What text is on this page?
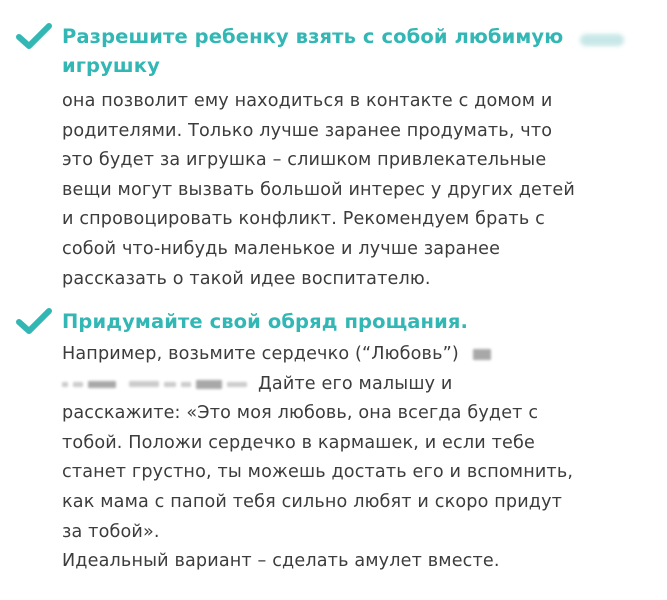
Разрешите ребенку взять с собой любимую
игрушку
она позволит ему находиться в контакте с домом и
родителями. Только лучше заранее продумать, что
это будет за игрушка – слишком привлекательные
вещи могут вызвать большой интерес у других детей
и спровоцировать конфликт. Рекомендуем брать с
собой что-нибудь маленькое и лучше заранее
рассказать о такой идее воспитателю.
Придумайте свой обряд прощания.
Например, возьмите сердечко (“Любовь”)
Дайте его малышу и
расскажите: «Это моя любовь, она всегда будет с
тобой. Положи сердечко в кармашек, и если тебе
станет грустно, ты можешь достать его и вспомнить,
как мама с папой тебя сильно любят и скоро придут
за тобой».
Идеальный вариант – сделать амулет вместе.
